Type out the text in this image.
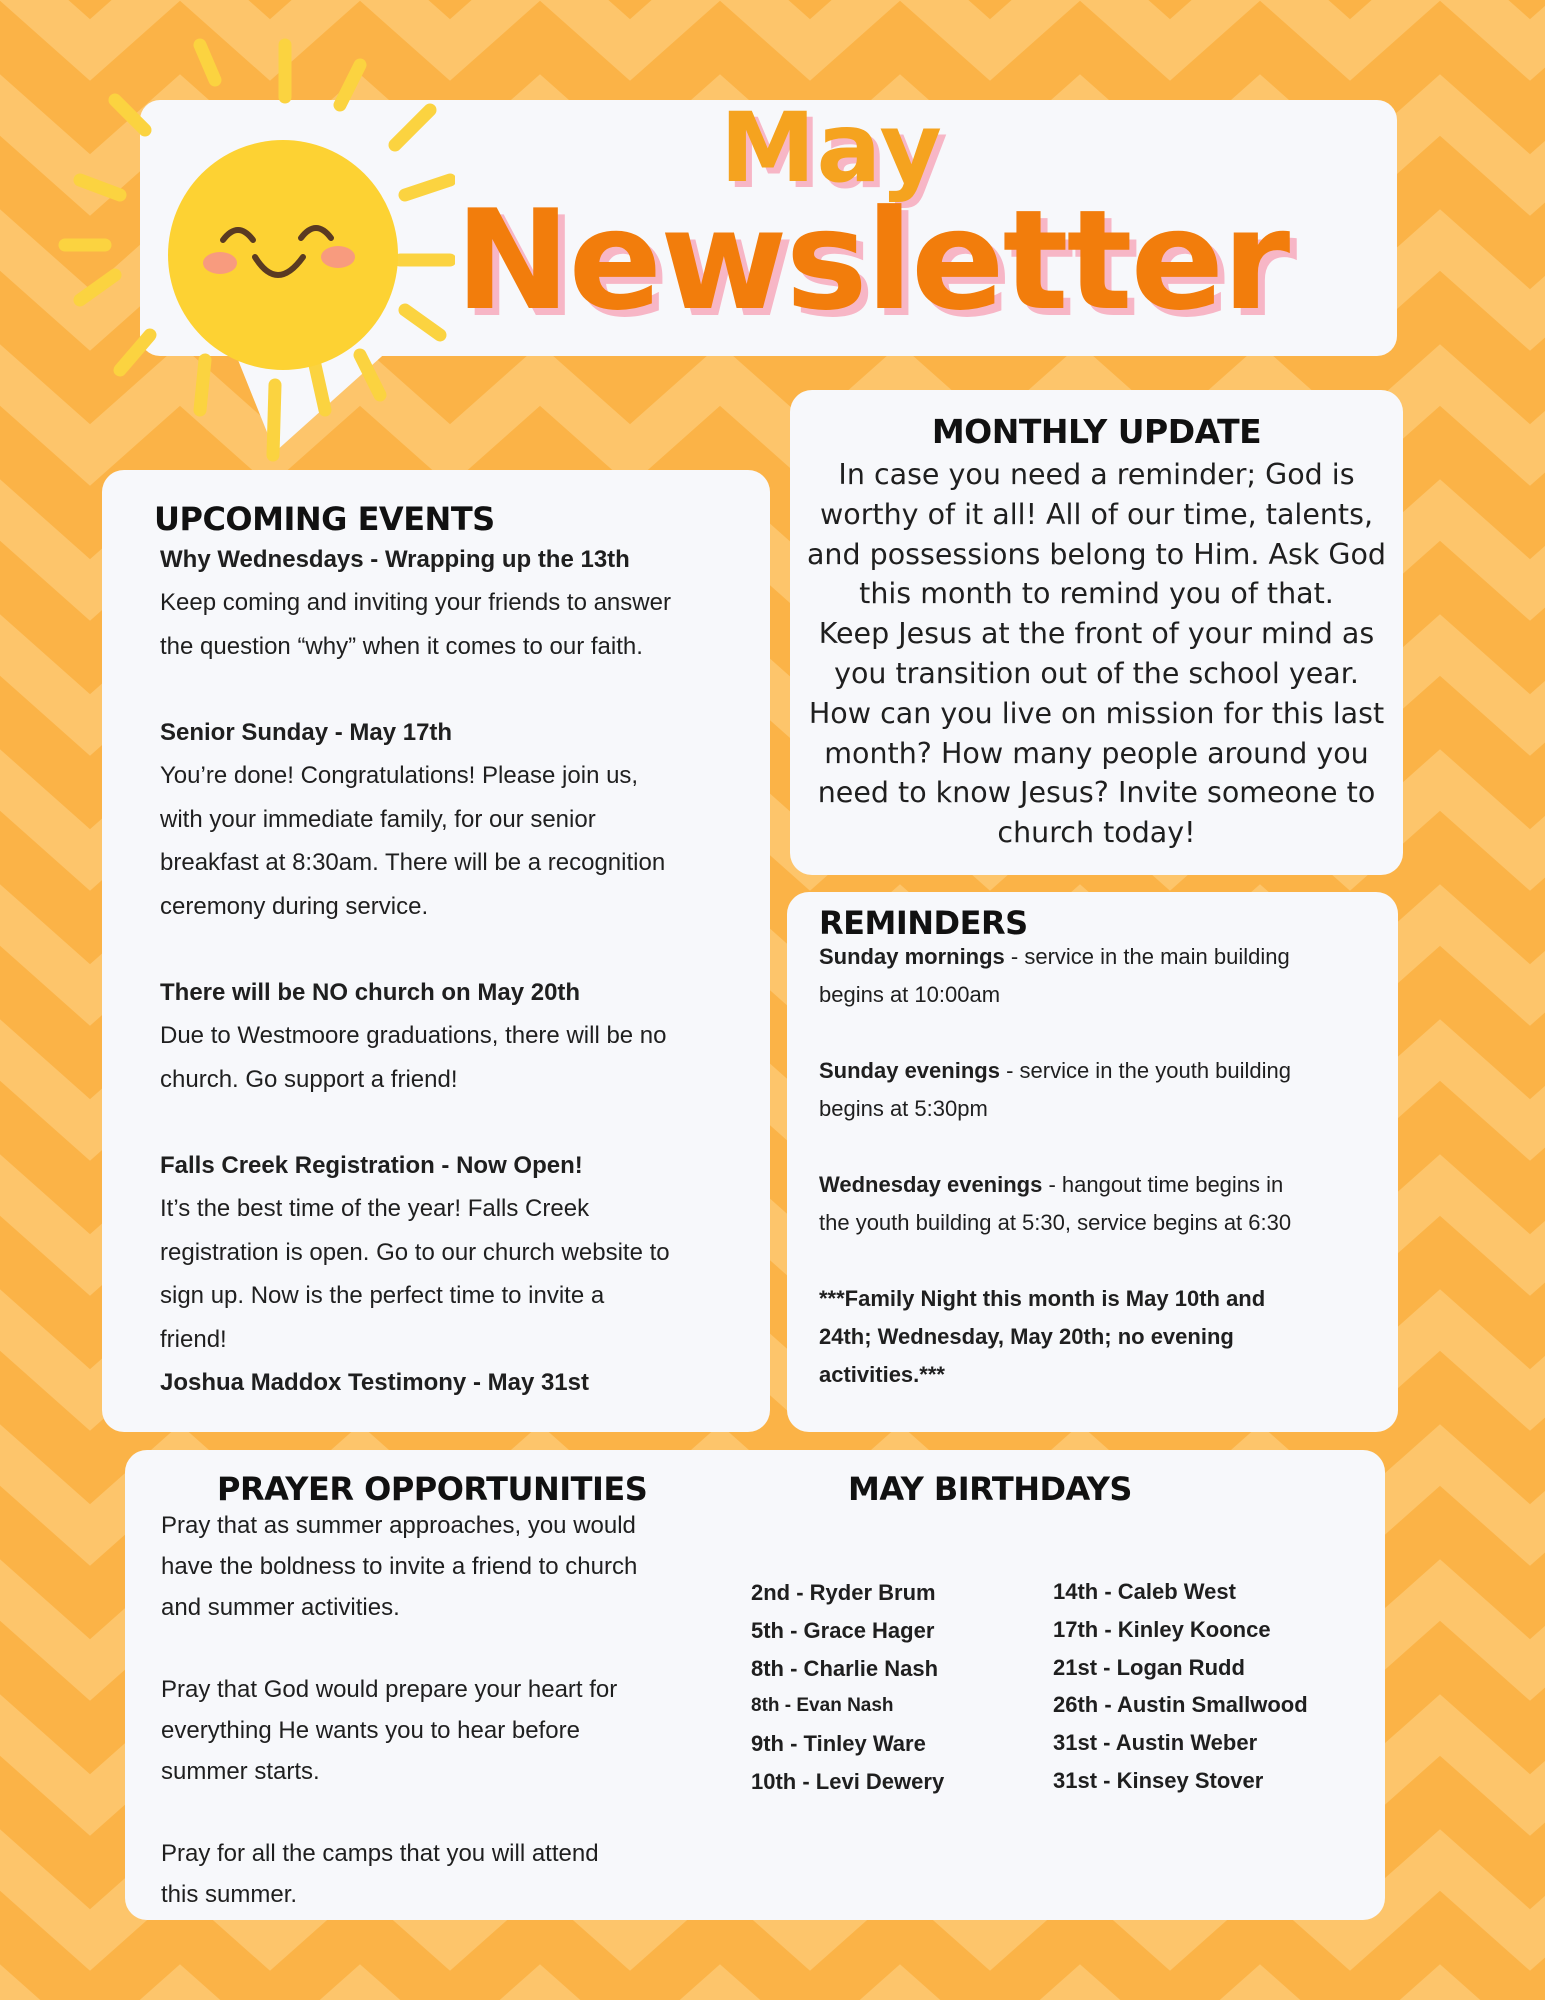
May
Newsletter
MONTHLY UPDATE
In case you need a reminder; God is
worthy of it all! All of our time, talents,
and possessions belong to Him. Ask God
this month to remind you of that.
Keep Jesus at the front of your mind as
you transition out of the school year.
How can you live on mission for this last
month? How many people around you
need to know Jesus? Invite someone to
church today!
UPCOMING EVENTS
Why Wednesdays - Wrapping up the 13th
Keep coming and inviting your friends to answer
the question “why” when it comes to our faith.
Senior Sunday - May 17th
You’re done! Congratulations! Please join us,
with your immediate family, for our senior
breakfast at 8:30am. There will be a recognition
ceremony during service.
There will be NO church on May 20th
Due to Westmoore graduations, there will be no
church. Go support a friend!
Falls Creek Registration - Now Open!
It’s the best time of the year! Falls Creek
registration is open. Go to our church website to
sign up. Now is the perfect time to invite a
friend!
Joshua Maddox Testimony - May 31st
REMINDERS

Sunday mornings - service in the main building

begins at 10:00am

Sunday evenings - service in the youth building

begins at 5:30pm

Wednesday evenings - hangout time begins in

the youth building at 5:30, service begins at 6:30

***Family Night this month is May 10th and

24th; Wednesday, May 20th; no evening

activities.***

PRAYER OPPORTUNITIES

Pray that as summer approaches, you would

have the boldness to invite a friend to church

and summer activities.

Pray that God would prepare your heart for

everything He wants you to hear before

summer starts.

Pray for all the camps that you will attend

this summer.

MAY BIRTHDAYS
2nd - Ryder Brum
5th - Grace Hager
8th - Charlie Nash
8th - Evan Nash
9th - Tinley Ware
10th - Levi Dewery
14th - Caleb West
17th - Kinley Koonce
21st - Logan Rudd
26th - Austin Smallwood
31st - Austin Weber
31st - Kinsey Stover
